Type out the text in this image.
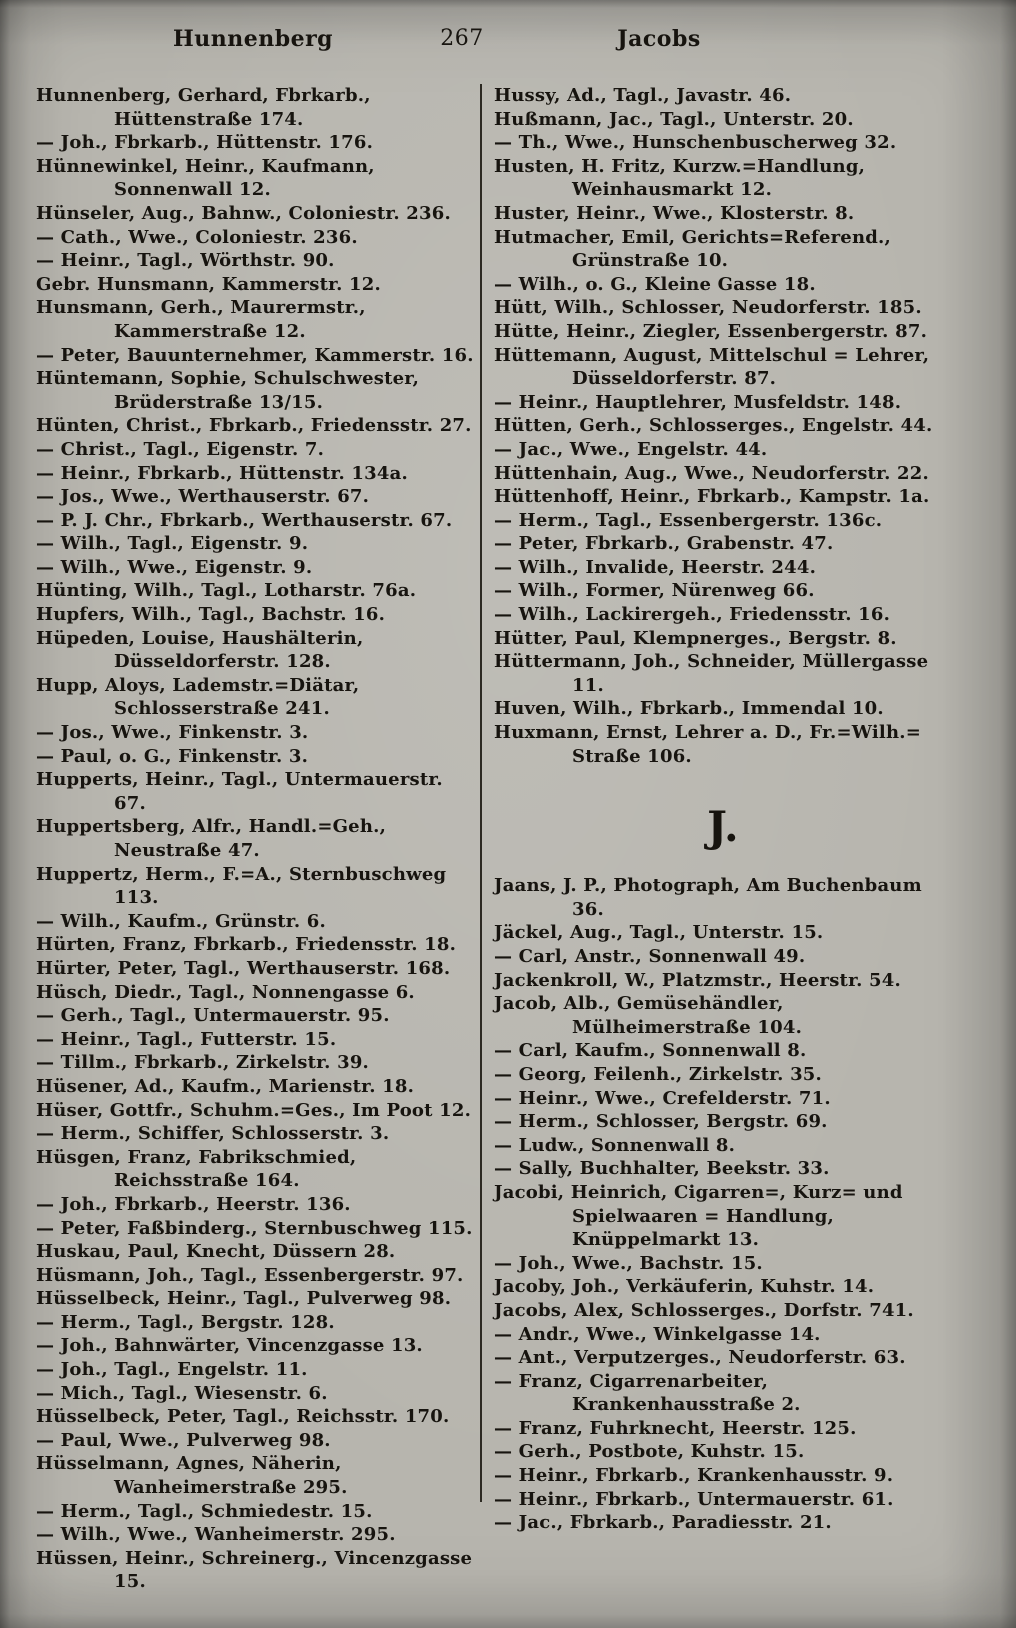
Hunnenberg	267	Jacobs
Hunnenberg, Gerhard, Fbrkarb., Hüttenstraße 174.
— Joh., Fbrkarb., Hüttenstr. 176.
Hünnewinkel, Heinr., Kaufmann, Sonnenwall 12.
Hünseler, Aug., Bahnw., Coloniestr. 236.
— Cath., Wwe., Coloniestr. 236.
— Heinr., Tagl., Wörthstr. 90.
Gebr. Hunsmann, Kammerstr. 12.
Hunsmann, Gerh., Maurermstr., Kammerstraße 12.
— Peter, Bauunternehmer, Kammerstr. 16.
Hüntemann, Sophie, Schulschwester, Brüderstraße 13/15.
Hünten, Christ., Fbrkarb., Friedensstr. 27.
— Christ., Tagl., Eigenstr. 7.
— Heinr., Fbrkarb., Hüttenstr. 134a.
— Jos., Wwe., Werthauserstr. 67.
— P. J. Chr., Fbrkarb., Werthauserstr. 67.
— Wilh., Tagl., Eigenstr. 9.
— Wilh., Wwe., Eigenstr. 9.
Hünting, Wilh., Tagl., Lotharstr. 76a.
Hupfers, Wilh., Tagl., Bachstr. 16.
Hüpeden, Louise, Haushälterin, Düsseldorferstr. 128.
Hupp, Aloys, Lademstr.=Diätar, Schlosserstraße 241.
— Jos., Wwe., Finkenstr. 3.
— Paul, o. G., Finkenstr. 3.
Hupperts, Heinr., Tagl., Untermauerstr. 67.
Huppertsberg, Alfr., Handl.=Geh., Neustraße 47.
Huppertz, Herm., F.=A., Sternbuschweg 113.
— Wilh., Kaufm., Grünstr. 6.
Hürten, Franz, Fbrkarb., Friedensstr. 18.
Hürter, Peter, Tagl., Werthauserstr. 168.
Hüsch, Diedr., Tagl., Nonnengasse 6.
— Gerh., Tagl., Untermauerstr. 95.
— Heinr., Tagl., Futterstr. 15.
— Tillm., Fbrkarb., Zirkelstr. 39.
Hüsener, Ad., Kaufm., Marienstr. 18.
Hüser, Gottfr., Schuhm.=Ges., Im Poot 12.
— Herm., Schiffer, Schlosserstr. 3.
Hüsgen, Franz, Fabrikschmied, Reichsstraße 164.
— Joh., Fbrkarb., Heerstr. 136.
— Peter, Faßbinderg., Sternbuschweg 115.
Huskau, Paul, Knecht, Düssern 28.
Hüsmann, Joh., Tagl., Essenbergerstr. 97.
Hüsselbeck, Heinr., Tagl., Pulverweg 98.
— Herm., Tagl., Bergstr. 128.
— Joh., Bahnwärter, Vincenzgasse 13.
— Joh., Tagl., Engelstr. 11.
— Mich., Tagl., Wiesenstr. 6.
Hüsselbeck, Peter, Tagl., Reichsstr. 170.
— Paul, Wwe., Pulverweg 98.
Hüsselmann, Agnes, Näherin, Wanheimerstraße 295.
— Herm., Tagl., Schmiedestr. 15.
— Wilh., Wwe., Wanheimerstr. 295.
Hüssen, Heinr., Schreinerg., Vincenzgasse 15.
Hussy, Ad., Tagl., Javastr. 46.
Hußmann, Jac., Tagl., Unterstr. 20.
— Th., Wwe., Hunschenbuscherweg 32.
Husten, H. Fritz, Kurzw.=Handlung, Weinhausmarkt 12.
Huster, Heinr., Wwe., Klosterstr. 8.
Hutmacher, Emil, Gerichts=Referend., Grünstraße 10.
— Wilh., o. G., Kleine Gasse 18.
Hütt, Wilh., Schlosser, Neudorferstr. 185.
Hütte, Heinr., Ziegler, Essenbergerstr. 87.
Hüttemann, August, Mittelschul = Lehrer, Düsseldorferstr. 87.
— Heinr., Hauptlehrer, Musfeldstr. 148.
Hütten, Gerh., Schlosserges., Engelstr. 44.
— Jac., Wwe., Engelstr. 44.
Hüttenhain, Aug., Wwe., Neudorferstr. 22.
Hüttenhoff, Heinr., Fbrkarb., Kampstr. 1a.
— Herm., Tagl., Essenbergerstr. 136c.
— Peter, Fbrkarb., Grabenstr. 47.
— Wilh., Invalide, Heerstr. 244.
— Wilh., Former, Nürenweg 66.
— Wilh., Lackirergeh., Friedensstr. 16.
Hütter, Paul, Klempnerges., Bergstr. 8.
Hüttermann, Joh., Schneider, Müllergasse 11.
Huven, Wilh., Fbrkarb., Immendal 10.
Huxmann, Ernst, Lehrer a. D., Fr.=Wilh.= Straße 106.
J.
Jaans, J. P., Photograph, Am Buchenbaum 36.
Jäckel, Aug., Tagl., Unterstr. 15.
— Carl, Anstr., Sonnenwall 49.
Jackenkroll, W., Platzmstr., Heerstr. 54.
Jacob, Alb., Gemüsehändler, Mülheimerstraße 104.
— Carl, Kaufm., Sonnenwall 8.
— Georg, Feilenh., Zirkelstr. 35.
— Heinr., Wwe., Crefelderstr. 71.
— Herm., Schlosser, Bergstr. 69.
— Ludw., Sonnenwall 8.
— Sally, Buchhalter, Beekstr. 33.
Jacobi, Heinrich, Cigarren=, Kurz= und Spielwaaren = Handlung, Knüppelmarkt 13.
— Joh., Wwe., Bachstr. 15.
Jacoby, Joh., Verkäuferin, Kuhstr. 14.
Jacobs, Alex, Schlosserges., Dorfstr. 741.
— Andr., Wwe., Winkelgasse 14.
— Ant., Verputzerges., Neudorferstr. 63.
— Franz, Cigarrenarbeiter, Krankenhausstraße 2.
— Franz, Fuhrknecht, Heerstr. 125.
— Gerh., Postbote, Kuhstr. 15.
— Heinr., Fbrkarb., Krankenhausstr. 9.
— Heinr., Fbrkarb., Untermauerstr. 61.
— Jac., Fbrkarb., Paradiesstr. 21.
